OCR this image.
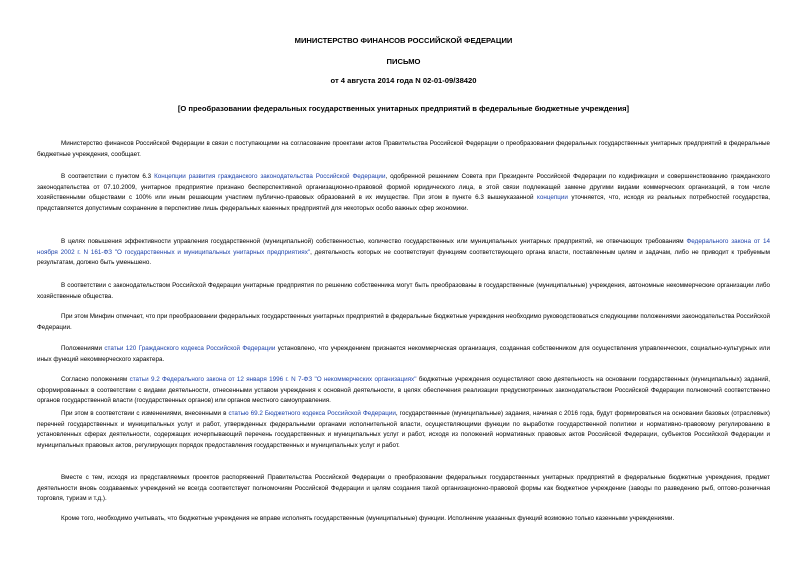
МИНИСТЕРСТВО ФИНАНСОВ РОССИЙСКОЙ ФЕДЕРАЦИИ
ПИСЬМО
от 4 августа 2014 года N 02-01-09/38420
[О преобразовании федеральных государственных унитарных предприятий в федеральные бюджетные учреждения]

Министерство финансов Российской Федерации в связи с поступающими на согласование проектами актов Правительства Российской Федерации о преобразовании федеральных государственных унитарных предприятий в федеральные бюджетные учреждения, сообщает.

В соответствии с пунктом 6.3 Концепции развития гражданского законодательства Российской Федерации, одобренной решением Совета при Президенте Российской Федерации по кодификации и совершенствованию гражданского законодательства от 07.10.2009, унитарное предприятие признано бесперспективной организационно-правовой формой юридического лица, в этой связи подлежащей замене другими видами коммерческих организаций, в том числе хозяйственными обществами с 100% или иным решающим участием публично-правовых образований в их имуществе. При этом в пункте 6.3 вышеуказанной концепции уточняется, что, исходя из реальных потребностей государства, представляется допустимым сохранение в перспективе лишь федеральных казенных предприятий для некоторых особо важных сфер экономики.

В целях повышения эффективности управления государственной (муниципальной) собственностью, количество государственных или муниципальных унитарных предприятий, не отвечающих требованиям Федерального закона от 14 ноября 2002 г. N 161-ФЗ "О государственных и муниципальных унитарных предприятиях", деятельность которых не соответствует функциям соответствующего органа власти, поставленным целям и задачам, либо не приводит к требуемым результатам, должно быть уменьшено.

В соответствии с законодательством Российской Федерации унитарные предприятия по решению собственника могут быть преобразованы в государственные (муниципальные) учреждения, автономные некоммерческие организации либо хозяйственные общества.

При этом Минфин отмечает, что при преобразовании федеральных государственных унитарных предприятий в федеральные бюджетные учреждения необходимо руководствоваться следующими положениями законодательства Российской Федерации.

Положениями статьи 120 Гражданского кодекса Российской Федерации установлено, что учреждением признается некоммерческая организация, созданная собственником для осуществления управленческих, социально-культурных или иных функций некоммерческого характера.

Согласно положениям статьи 9.2 Федерального закона от 12 января 1996 г. N 7-ФЗ "О некоммерческих организациях" бюджетные учреждения осуществляют свою деятельность на основании государственных (муниципальных) заданий, сформированных в соответствии с видами деятельности, отнесенными уставом учреждения к основной деятельности, в целях обеспечения реализации предусмотренных законодательством Российской Федерации полномочий соответственно органов государственной власти (государственных органов) или органов местного самоуправления.

При этом в соответствии с изменениями, внесенными в статью 69.2 Бюджетного кодекса Российской Федерации, государственные (муниципальные) задания, начиная с 2016 года, будут формироваться на основании базовых (отраслевых) перечней государственных и муниципальных услуг и работ, утвержденных федеральными органами исполнительной власти, осуществляющими функции по выработке государственной политики и нормативно-правовому регулированию в установленных сферах деятельности, содержащих исчерпывающий перечень государственных и муниципальных услуг и работ, исходя из положений нормативных правовых актов Российской Федерации, субъектов Российской Федерации и муниципальных правовых актов, регулирующих порядок предоставления государственных и муниципальных услуг и работ.

Вместе с тем, исходя из представляемых проектов распоряжений Правительства Российской Федерации о преобразовании федеральных государственных унитарных предприятий в федеральные бюджетные учреждения, предмет деятельности вновь создаваемых учреждений не всегда соответствует полномочиям Российской Федерации и целям создания такой организационно-правовой формы как бюджетное учреждение (заводы по разведению рыб, оптово-розничная торговля, туризм и т.д.).

Кроме того, необходимо учитывать, что бюджетные учреждения не вправе исполнять государственные (муниципальные) функции. Исполнение указанных функций возможно только казенными учреждениями.
